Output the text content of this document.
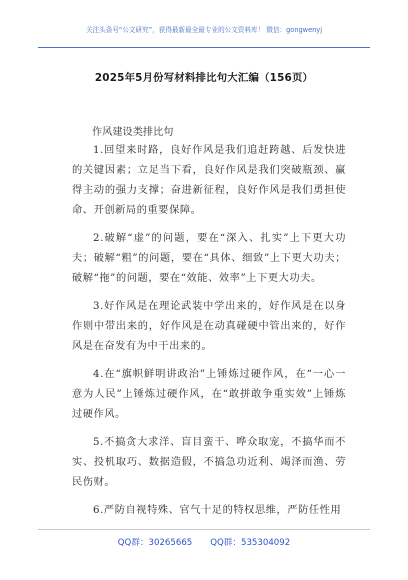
关注头条号“公文研究”，获得最新最全最专业的公文资料库！ 微信：gongwenyj
2025年5月份写材料排比句大汇编（156页）
作风建设类排比句

1.回望来时路，良好作风是我们追赶跨越、后发快进的关键因素；立足当下看，良好作风是我们突破瓶颈、赢得主动的强力支撑；奋进新征程，良好作风是我们勇担使命、开创新局的重要保障。

2.破解“虚”的问题，要在“深入、扎实”上下更大功夫；破解“粗”的问题，要在“具体、细致”上下更大功夫；破解“拖”的问题，要在“效能、效率”上下更大功夫。

3.好作风是在理论武装中学出来的，好作风是在以身作则中带出来的，好作风是在动真碰硬中管出来的，好作风是在奋发有为中干出来的。

4.在“旗帜鲜明讲政治”上锤炼过硬作风，在“一心一意为人民”上锤炼过硬作风，在“敢拼敢争重实效”上锤炼过硬作风。

5.不搞贪大求洋、盲目蛮干、哗众取宠，不搞华而不实、投机取巧、数据造假，不搞急功近利、竭泽而渔、劳民伤财。

6.严防自视特殊、官气十足的特权思维，严防任性用

QQ群：30265665 QQ群：535304092
